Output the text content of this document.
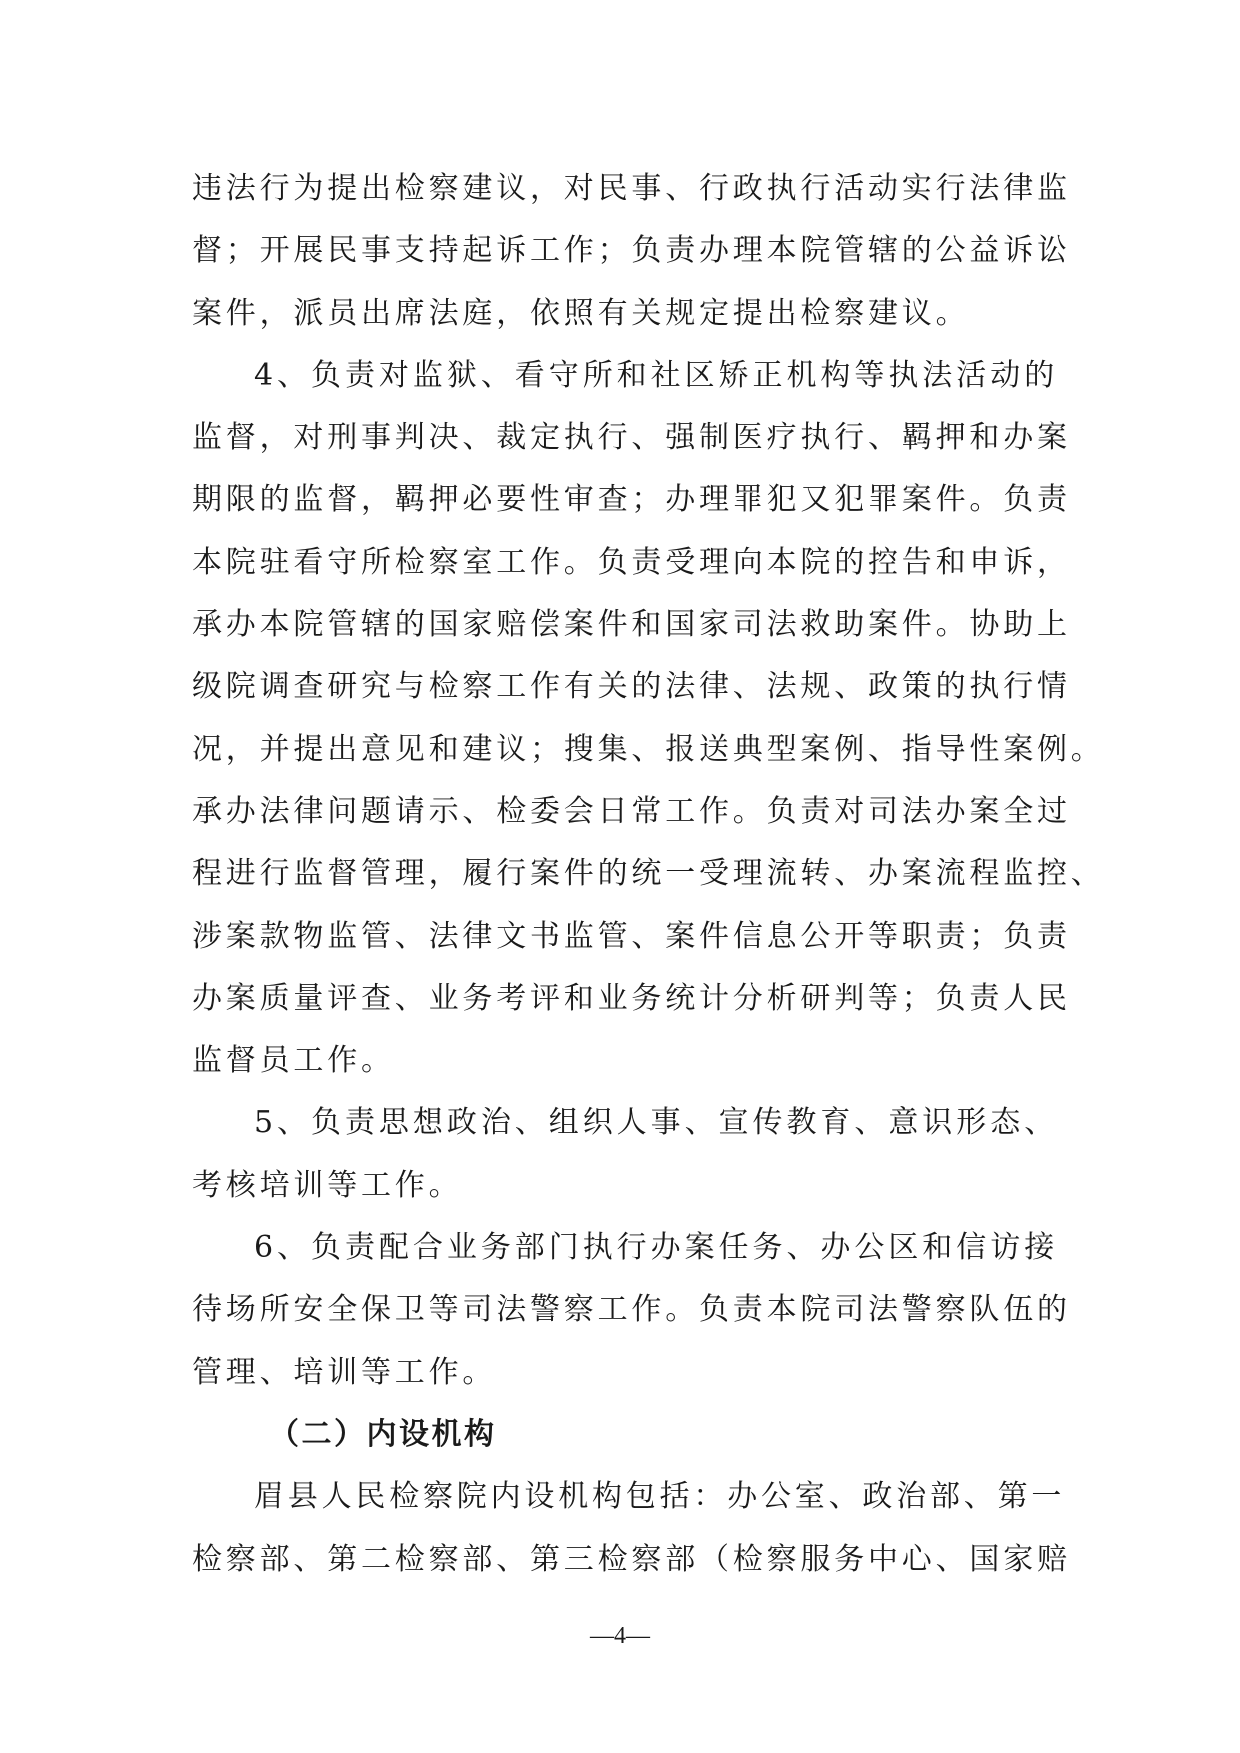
违法行为提出检察建议，对民事、行政执行活动实行法律监
督；开展民事支持起诉工作；负责办理本院管辖的公益诉讼
案件，派员出席法庭，依照有关规定提出检察建议。
4、负责对监狱、看守所和社区矫正机构等执法活动的
监督，对刑事判决、裁定执行、强制医疗执行、羁押和办案
期限的监督，羁押必要性审查；办理罪犯又犯罪案件。负责
本院驻看守所检察室工作。负责受理向本院的控告和申诉，
承办本院管辖的国家赔偿案件和国家司法救助案件。协助上
级院调查研究与检察工作有关的法律、法规、政策的执行情
况，并提出意见和建议；搜集、报送典型案例、指导性案例。
承办法律问题请示、检委会日常工作。负责对司法办案全过
程进行监督管理，履行案件的统一受理流转、办案流程监控、
涉案款物监管、法律文书监管、案件信息公开等职责；负责
办案质量评查、业务考评和业务统计分析研判等；负责人民
监督员工作。
5、负责思想政治、组织人事、宣传教育、意识形态、
考核培训等工作。
6、负责配合业务部门执行办案任务、办公区和信访接
待场所安全保卫等司法警察工作。负责本院司法警察队伍的
管理、培训等工作。
（二）内设机构
眉县人民检察院内设机构包括：办公室、政治部、第一
检察部、第二检察部、第三检察部（检察服务中心、国家赔
—4—
